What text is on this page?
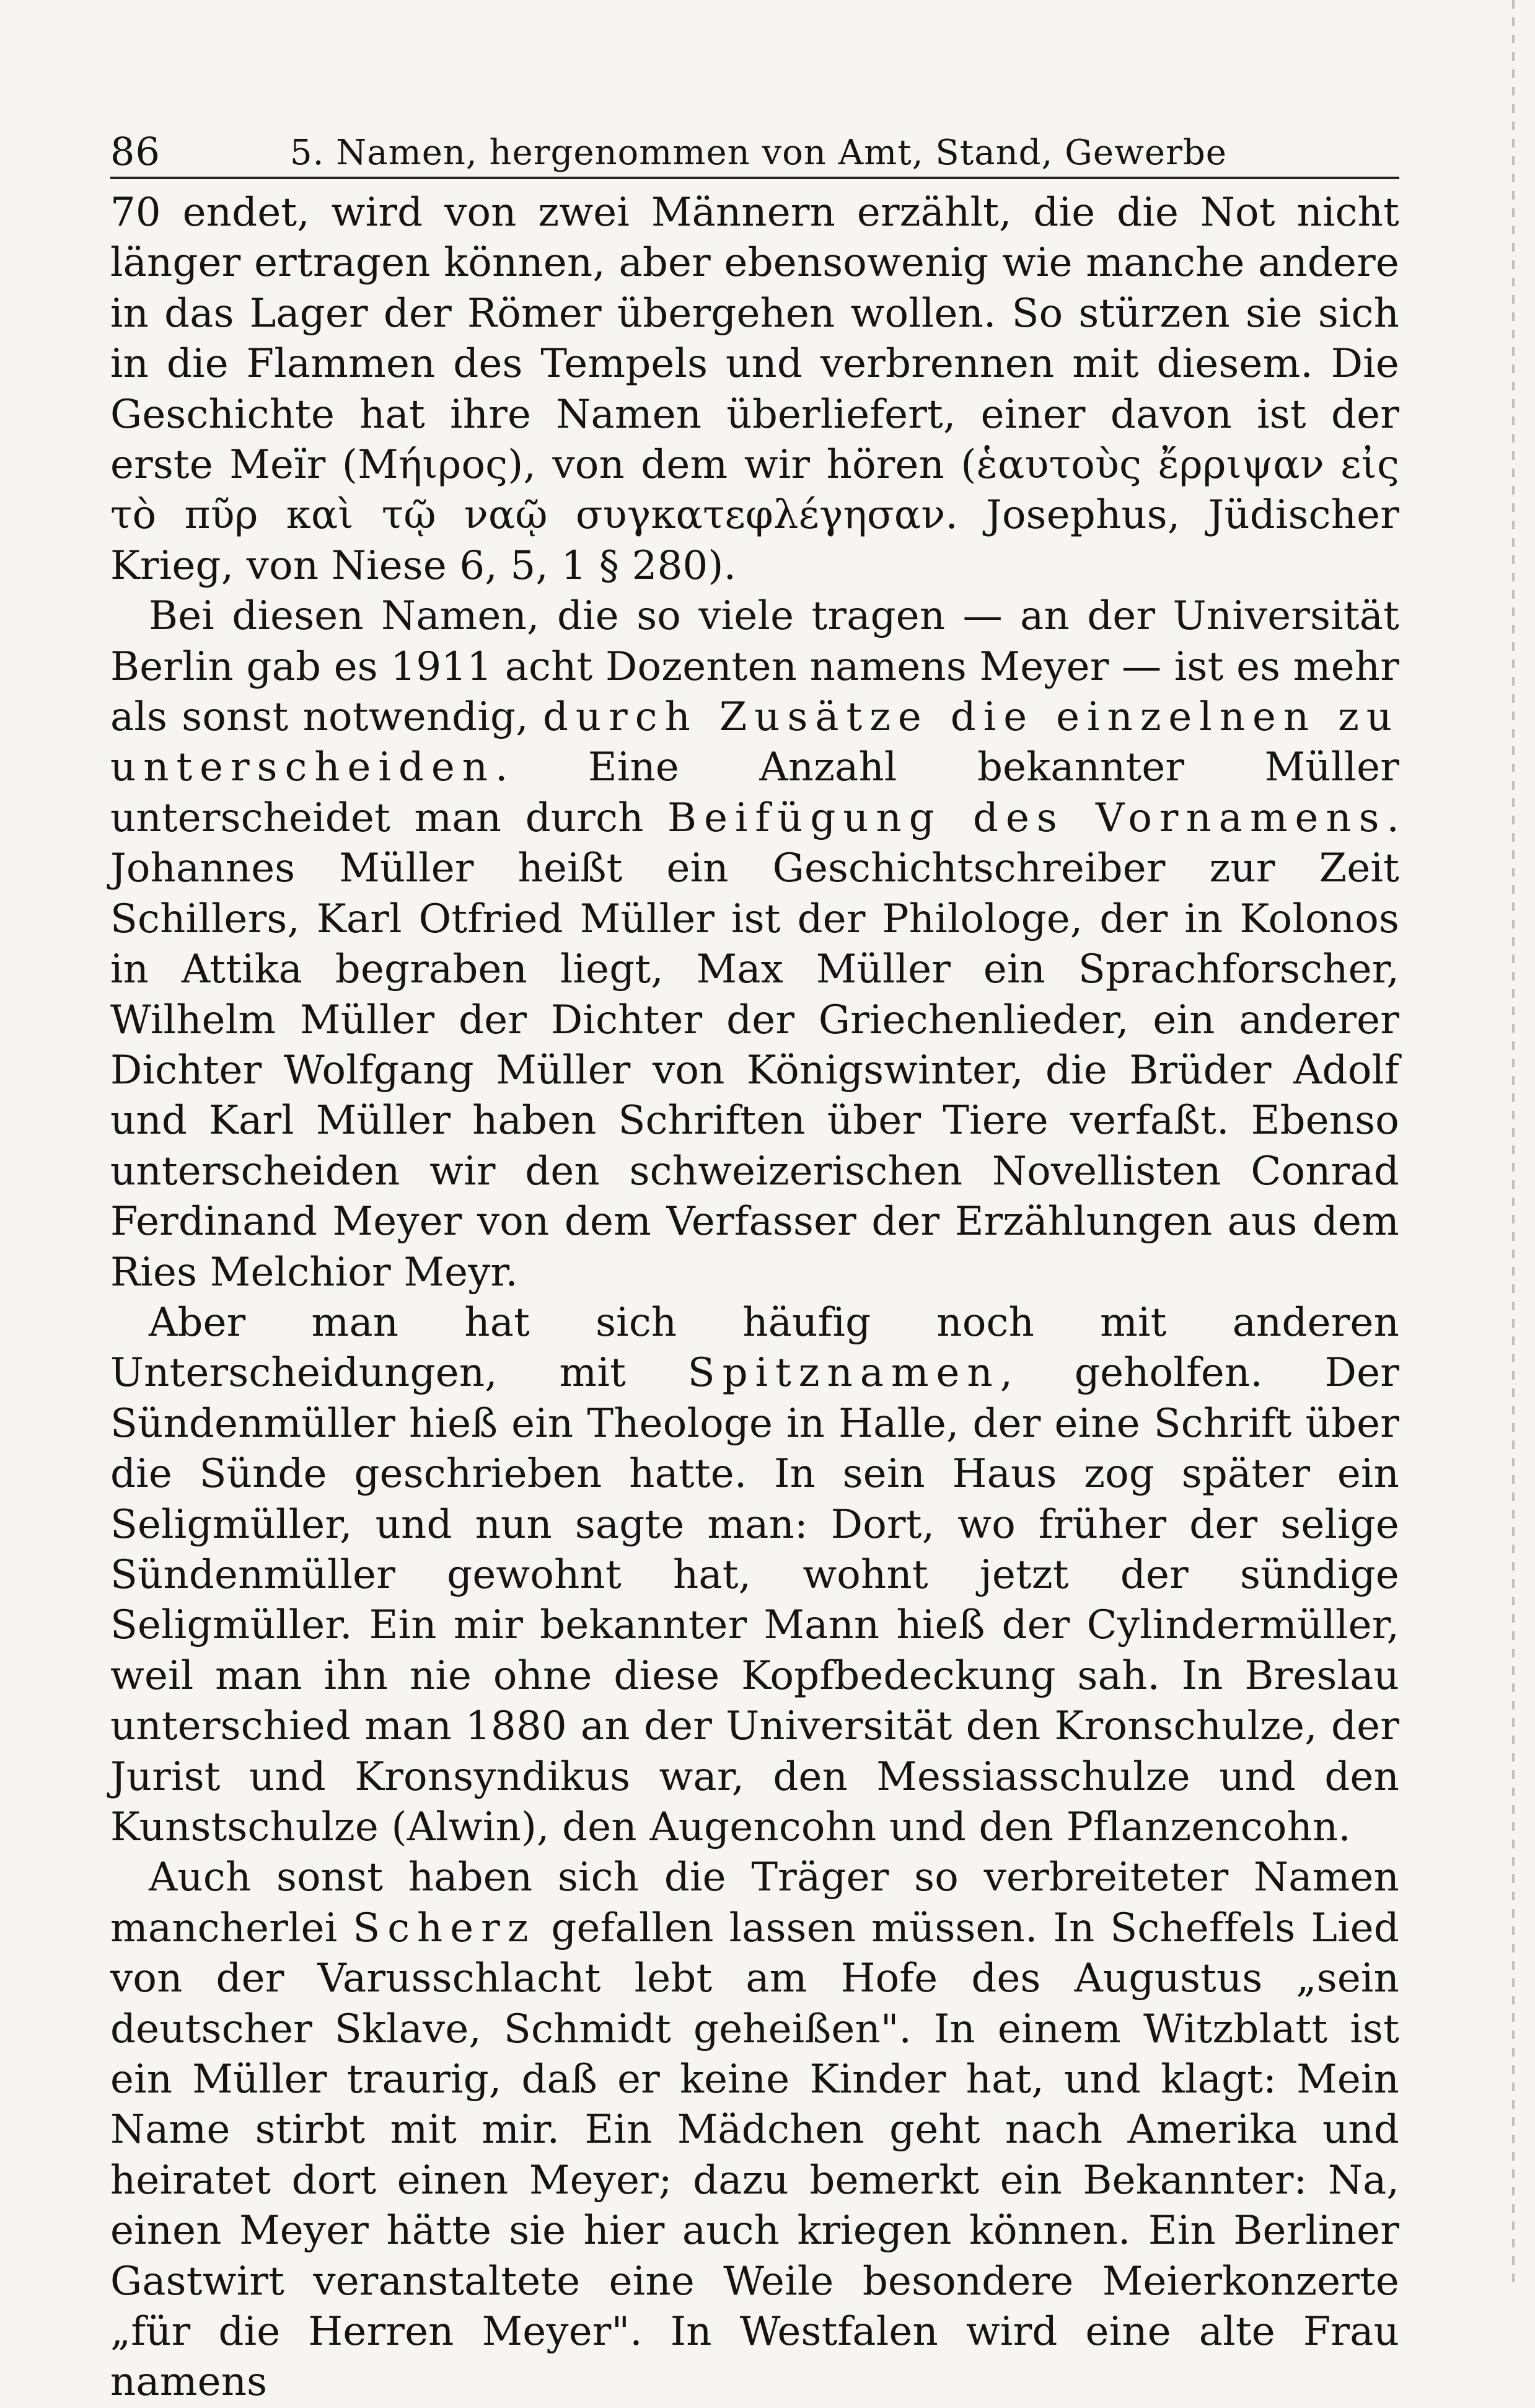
86	5. Namen, hergenommen von Amt, Stand, Gewerbe

70 endet, wird von zwei Männern erzählt, die die Not nicht länger ertragen können, aber ebensowenig wie manche andere in das Lager der Römer übergehen wollen. So stürzen sie sich in die Flammen des Tempels und verbrennen mit diesem. Die Geschichte hat ihre Namen überliefert, einer davon ist der erste Meïr (Μήιρος), von dem wir hören (ἑαυτοὺς ἔρριψαν εἰς τὸ πῦρ καὶ τῷ ναῷ συγκατεφλέγησαν. Josephus, Jüdischer Krieg, von Niese 6, 5, 1 § 280).

Bei diesen Namen, die so viele tragen — an der Universität Berlin gab es 1911 acht Dozenten namens Meyer — ist es mehr als sonst notwendig, durch Zusätze die einzelnen zu unterscheiden. Eine Anzahl bekannter Müller unterscheidet man durch Beifügung des Vornamens. Johannes Müller heißt ein Geschichtschreiber zur Zeit Schillers, Karl Otfried Müller ist der Philologe, der in Kolonos in Attika begraben liegt, Max Müller ein Sprachforscher, Wilhelm Müller der Dichter der Griechenlieder, ein anderer Dichter Wolfgang Müller von Königswinter, die Brüder Adolf und Karl Müller haben Schriften über Tiere verfaßt. Ebenso unterscheiden wir den schweizerischen Novellisten Conrad Ferdinand Meyer von dem Verfasser der Erzählungen aus dem Ries Melchior Meyr.

Aber man hat sich häufig noch mit anderen Unterscheidungen, mit Spitznamen, geholfen. Der Sündenmüller hieß ein Theologe in Halle, der eine Schrift über die Sünde geschrieben hatte. In sein Haus zog später ein Seligmüller, und nun sagte man: Dort, wo früher der selige Sündenmüller gewohnt hat, wohnt jetzt der sündige Seligmüller. Ein mir bekannter Mann hieß der Cylindermüller, weil man ihn nie ohne diese Kopfbedeckung sah. In Breslau unterschied man 1880 an der Universität den Kronschulze, der Jurist und Kronsyndikus war, den Messiasschulze und den Kunstschulze (Alwin), den Augencohn und den Pflanzencohn.

Auch sonst haben sich die Träger so verbreiteter Namen mancherlei Scherz gefallen lassen müssen. In Scheffels Lied von der Varusschlacht lebt am Hofe des Augustus „sein deutscher Sklave, Schmidt geheißen". In einem Witzblatt ist ein Müller traurig, daß er keine Kinder hat, und klagt: Mein Name stirbt mit mir. Ein Mädchen geht nach Amerika und heiratet dort einen Meyer; dazu bemerkt ein Bekannter: Na, einen Meyer hätte sie hier auch kriegen können. Ein Berliner Gastwirt veranstaltete eine Weile besondere Meierkonzerte „für die Herren Meyer". In Westfalen wird eine alte Frau namens
